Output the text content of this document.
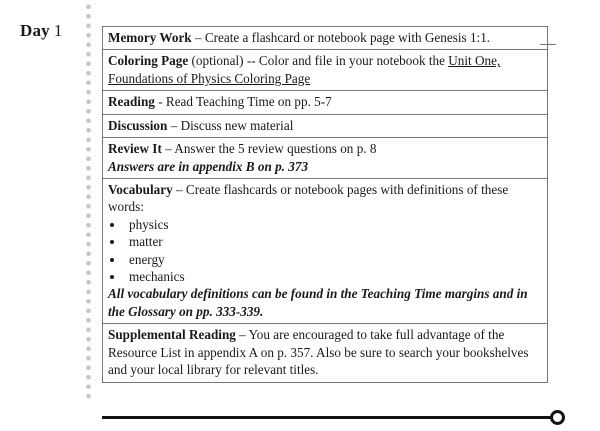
Day 1	Memory Work – Create a flashcard or notebook page with Genesis 1:1.
Coloring Page (optional) -- Color and file in your notebook the Unit One, Foundations of Physics Coloring Page
Reading - Read Teaching Time on pp. 5-7
Discussion – Discuss new material
Review It – Answer the 5 review questions on p. 8
Answers are in appendix B on p. 373

Vocabulary – Create flashcards or notebook pages with definitions of these words:
physics
matter
energy
mechanics
All vocabulary definitions can be found in the Teaching Time margins and in the Glossary on pp. 333-339.

Supplemental Reading – You are encouraged to take full advantage of the Resource List in appendix A on p. 357. Also be sure to search your bookshelves and your local library for relevant titles.
